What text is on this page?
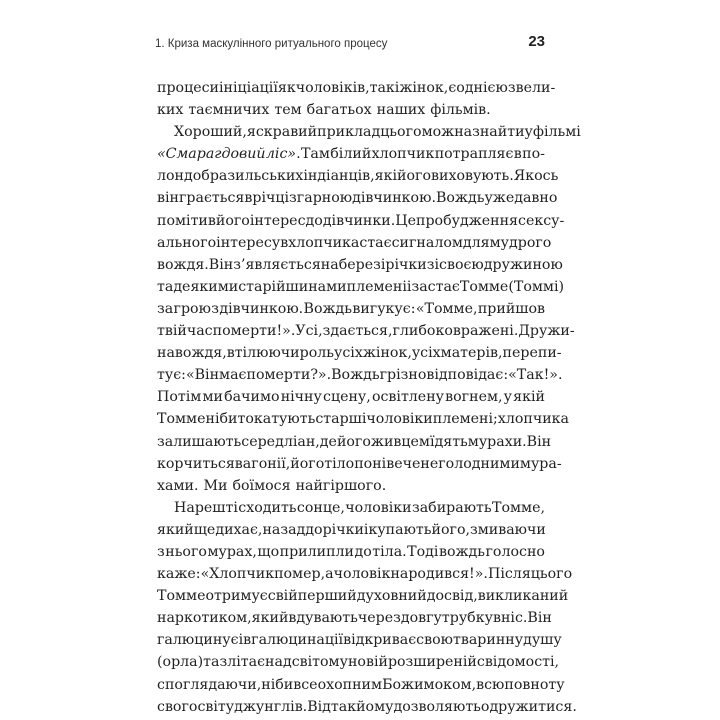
1. Криза маскулінного ритуального процесу	23
процеси ініціації як чоловіків, так і жінок, є однією з вели-
ких таємничих тем багатьох наших фільмів.
Хороший, яскравий приклад цього можна знайти у фільмі
«Смарагдовий ліс». Там білий хлопчик потрапляє в по-
лон до бразильських індіанців, які його виховують. Якось
він грається в річці з гарною дівчинкою. Вождь уже давно
помітив його інтерес до дівчинки. Це пробудження сексу-
ального інтересу в хлопчика стає сигналом для мудрого
вождя. Він з’являється на березі річки зі своєю дружиною
та деякими старійшинами племені і застає Томме (Томмі)
за грою з дівчинкою. Вождь вигукує: «Томме, прийшов
твій час померти!». Усі, здається, глибоко вражені. Дружи-
на вождя, втілюючи роль усіх жінок, усіх матерів, перепи-
тує: «Він має померти?». Вождь грізно відповідає: «Так!».
Потім ми бачимо нічну сцену, освітлену вогнем, у якій
Томме нібито катують старші чоловіки племені; хлопчика
залишають серед ліан, де його живцем їдять мурахи. Він
корчиться в агонії, його тіло понівечене голодними мура-
хами. Ми боїмося найгіршого.
Нарешті сходить сонце, чоловіки забирають Томме,
який ще дихає, назад до річки і купають його, змиваючи
з нього мурах, що прилипли до тіла. Тоді вождь голосно
каже: «Хлопчик помер, а чоловік народився!». Після цього
Томме отримує свій перший духовний досвід, викликаний
наркотиком, який вдувають через довгу трубку в ніс. Він
галюцинує і в галюцинації відкриває свою тваринну душу
(орла) та злітає над світом у новій розширеній свідомості,
споглядаючи, ніби всеохопним Божим оком, всю повноту
свого світу джунглів. Відтак йому дозволяють одружитися.
